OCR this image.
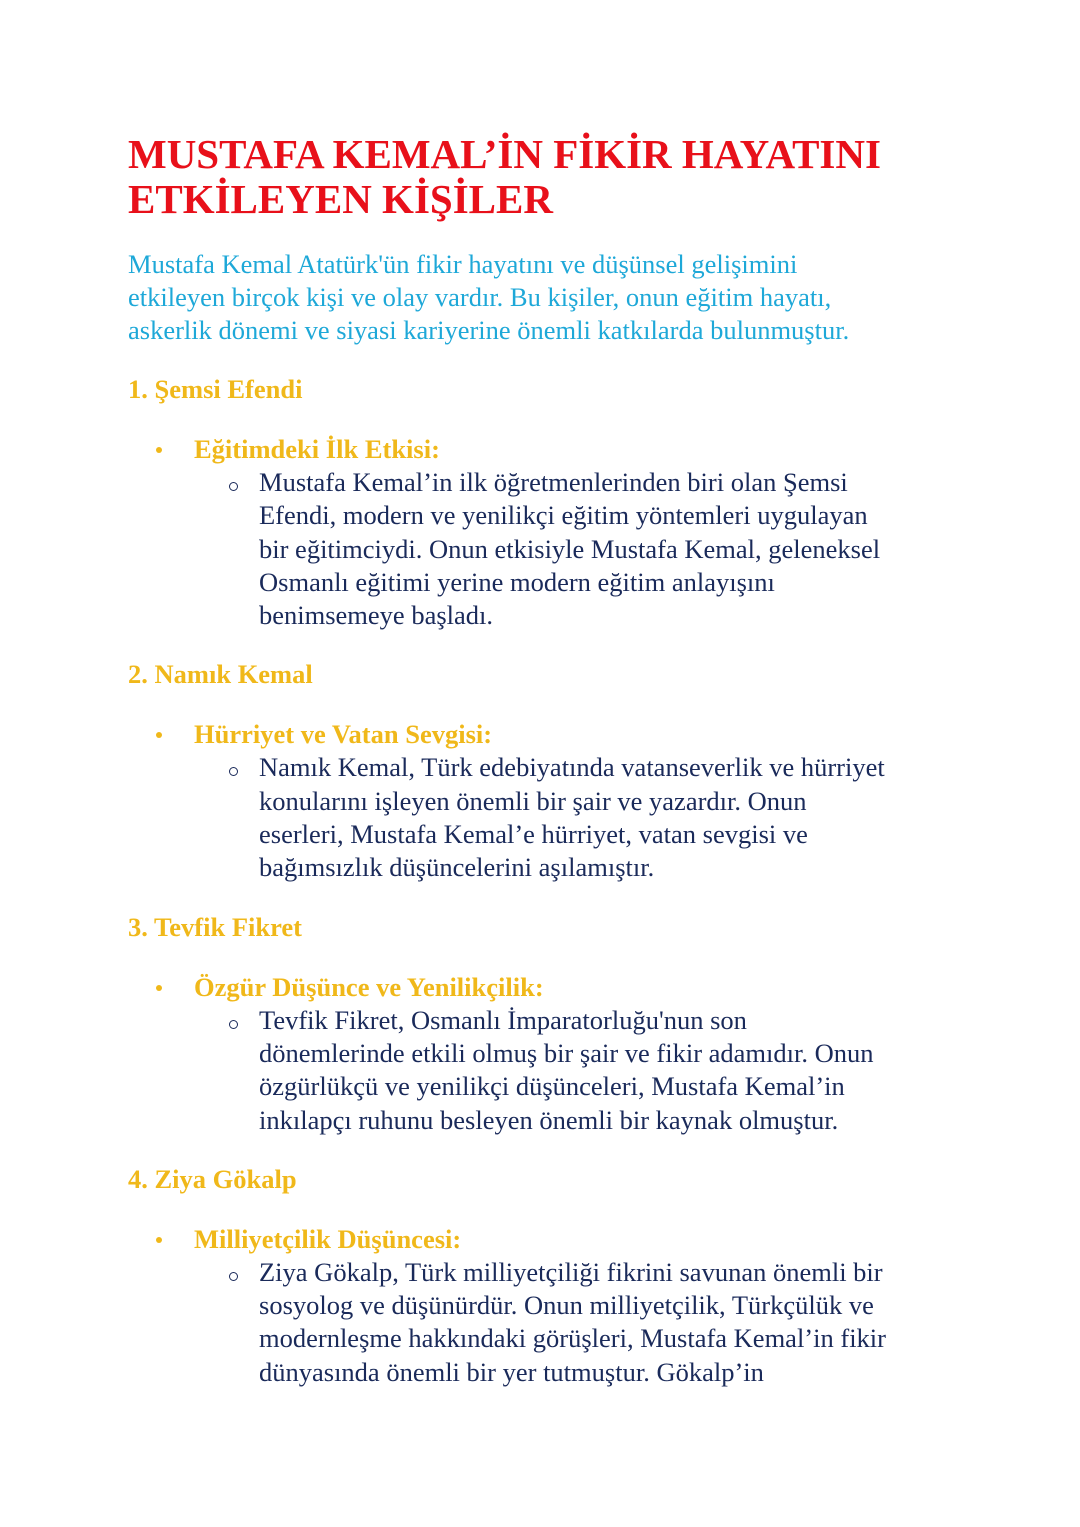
MUSTAFA KEMAL’İN FİKİR HAYATINI
ETKİLEYEN KİŞİLER

Mustafa Kemal Atatürk'ün fikir hayatını ve düşünsel gelişimini
etkileyen birçok kişi ve olay vardır. Bu kişiler, onun eğitim hayatı,
askerlik dönemi ve siyasi kariyerine önemli katkılarda bulunmuştur.

1. Şemsi Efendi
Eğitimdeki İlk Etkisi:
Mustafa Kemal’in ilk öğretmenlerinden biri olan Şemsi
Efendi, modern ve yenilikçi eğitim yöntemleri uygulayan
bir eğitimciydi. Onun etkisiyle Mustafa Kemal, geleneksel
Osmanlı eğitimi yerine modern eğitim anlayışını
benimsemeye başladı.
2. Namık Kemal
Hürriyet ve Vatan Sevgisi:
Namık Kemal, Türk edebiyatında vatanseverlik ve hürriyet
konularını işleyen önemli bir şair ve yazardır. Onun
eserleri, Mustafa Kemal’e hürriyet, vatan sevgisi ve
bağımsızlık düşüncelerini aşılamıştır.
3. Tevfik Fikret
Özgür Düşünce ve Yenilikçilik:
Tevfik Fikret, Osmanlı İmparatorluğu'nun son
dönemlerinde etkili olmuş bir şair ve fikir adamıdır. Onun
özgürlükçü ve yenilikçi düşünceleri, Mustafa Kemal’in
inkılapçı ruhunu besleyen önemli bir kaynak olmuştur.
4. Ziya Gökalp
Milliyetçilik Düşüncesi:
Ziya Gökalp, Türk milliyetçiliği fikrini savunan önemli bir
sosyolog ve düşünürdür. Onun milliyetçilik, Türkçülük ve
modernleşme hakkındaki görüşleri, Mustafa Kemal’in fikir
dünyasında önemli bir yer tutmuştur. Gökalp’in
